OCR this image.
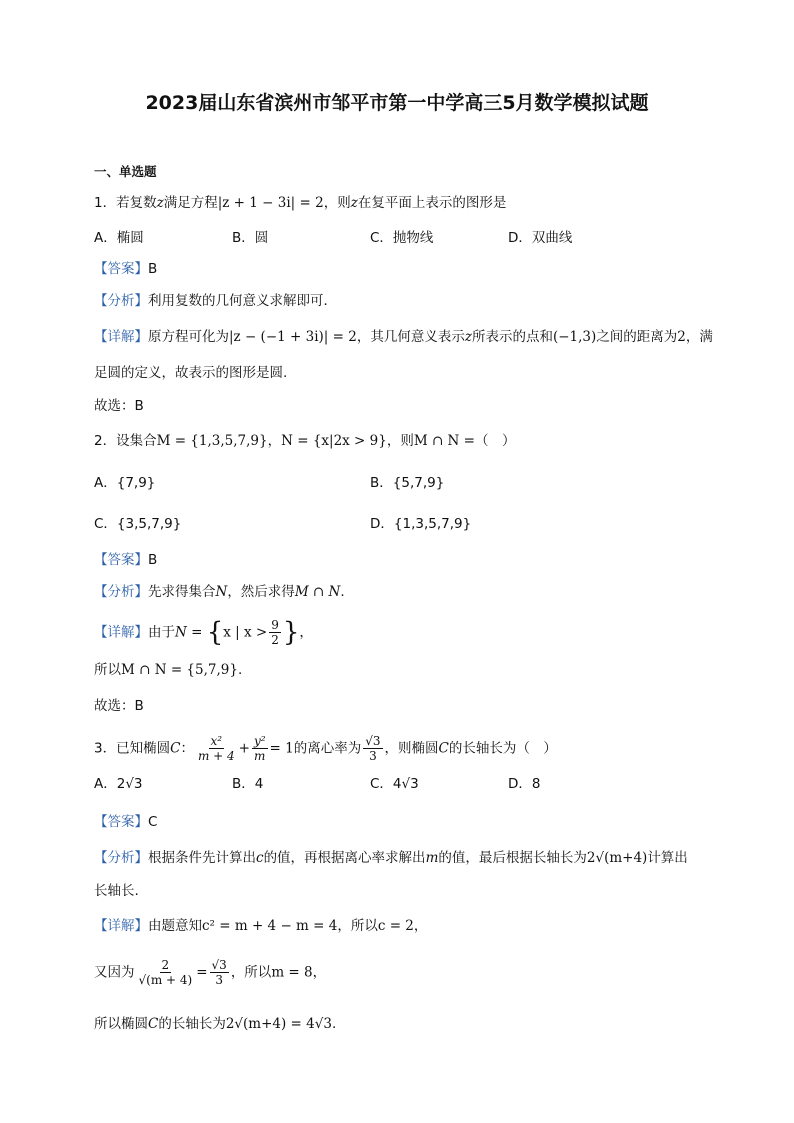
2023届山东省滨州市邹平市第一中学高三5月数学模拟试题
一、单选题
1．若复数z满足方程|z + 1 − 3i| = 2，则z在复平面上表示的图形是
A．椭圆	B．圆	C．抛物线	D．双曲线
【答案】B
【分析】利用复数的几何意义求解即可．
【详解】原方程可化为|z − (−1 + 3i)| = 2，其几何意义表示z所表示的点和(−1,3)之间的距离为2，满
足圆的定义，故表示的图形是圆.
故选：B
2．设集合M = {1,3,5,7,9}，N = {x|2x > 9}，则M ∩ N =（　）
A．{7,9}	B．{5,7,9}
C．{3,5,7,9}	D．{1,3,5,7,9}
【答案】B
【分析】先求得集合N，然后求得M ∩ N.
【详解】由于N = {x | $x > \frac{9}{2}$ }，
所以M ∩ N = {5,7,9}.
故选：B
3．已知椭圆C： $\frac{\text{x²}}{m + 4} + \frac{\text{y²}}{m} = 1$的离心率为 $\frac{√3}{3}$ ，则椭圆C的长轴长为（　）
A．2√3	B．4	C．4√3	D．8
【答案】C
【分析】根据条件先计算出c的值，再根据离心率求解出m的值，最后根据长轴长为2√(m+4)计算出
长轴长.
【详解】由题意知c² = m + 4 − m = 4，所以c = 2，
又因为 $\frac{2}{√(m + 4)} = \frac{√3}{3}$ ，所以m = 8，
所以椭圆C的长轴长为2√(m+4) = 4√3.
